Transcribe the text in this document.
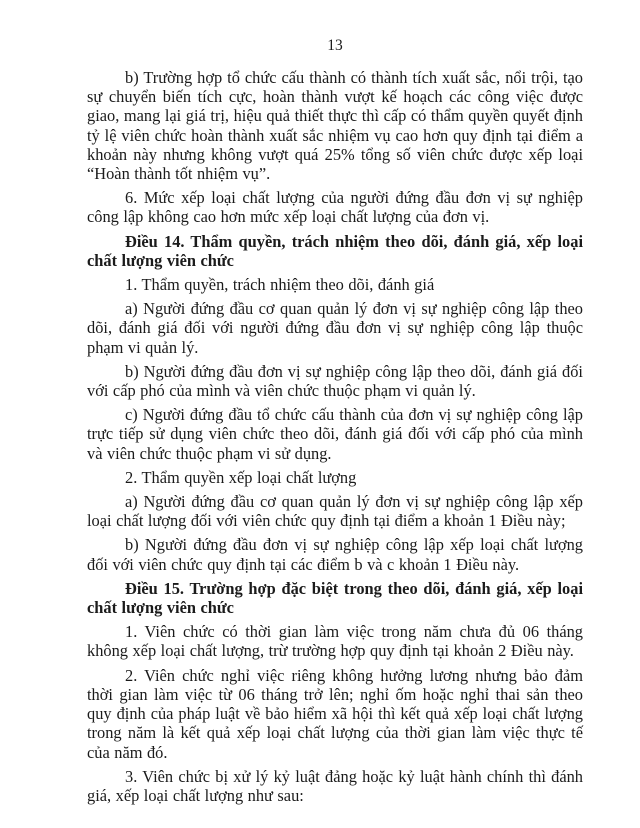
13

b) Trường hợp tổ chức cấu thành có thành tích xuất sắc, nổi trội, tạo sự chuyển biến tích cực, hoàn thành vượt kế hoạch các công việc được giao, mang lại giá trị, hiệu quả thiết thực thì cấp có thẩm quyền quyết định tỷ lệ viên chức hoàn thành xuất sắc nhiệm vụ cao hơn quy định tại điểm a khoản này nhưng không vượt quá 25% tổng số viên chức được xếp loại “Hoàn thành tốt nhiệm vụ”.

6. Mức xếp loại chất lượng của người đứng đầu đơn vị sự nghiệp công lập không cao hơn mức xếp loại chất lượng của đơn vị.

Điều 14. Thẩm quyền, trách nhiệm theo dõi, đánh giá, xếp loại chất lượng viên chức

1. Thẩm quyền, trách nhiệm theo dõi, đánh giá

a) Người đứng đầu cơ quan quản lý đơn vị sự nghiệp công lập theo dõi, đánh giá đối với người đứng đầu đơn vị sự nghiệp công lập thuộc phạm vi quản lý.

b) Người đứng đầu đơn vị sự nghiệp công lập theo dõi, đánh giá đối với cấp phó của mình và viên chức thuộc phạm vi quản lý.

c) Người đứng đầu tổ chức cấu thành của đơn vị sự nghiệp công lập trực tiếp sử dụng viên chức theo dõi, đánh giá đối với cấp phó của mình và viên chức thuộc phạm vi sử dụng.

2. Thẩm quyền xếp loại chất lượng

a) Người đứng đầu cơ quan quản lý đơn vị sự nghiệp công lập xếp loại chất lượng đối với viên chức quy định tại điểm a khoản 1 Điều này;

b) Người đứng đầu đơn vị sự nghiệp công lập xếp loại chất lượng đối với viên chức quy định tại các điểm b và c khoản 1 Điều này.

Điều 15. Trường hợp đặc biệt trong theo dõi, đánh giá, xếp loại chất lượng viên chức

1. Viên chức có thời gian làm việc trong năm chưa đủ 06 tháng không xếp loại chất lượng, trừ trường hợp quy định tại khoản 2 Điều này.

2. Viên chức nghỉ việc riêng không hưởng lương nhưng bảo đảm thời gian làm việc từ 06 tháng trở lên; nghỉ ốm hoặc nghỉ thai sản theo quy định của pháp luật về bảo hiểm xã hội thì kết quả xếp loại chất lượng trong năm là kết quả xếp loại chất lượng của thời gian làm việc thực tế của năm đó.

3. Viên chức bị xử lý kỷ luật đảng hoặc kỷ luật hành chính thì đánh giá, xếp loại chất lượng như sau:
